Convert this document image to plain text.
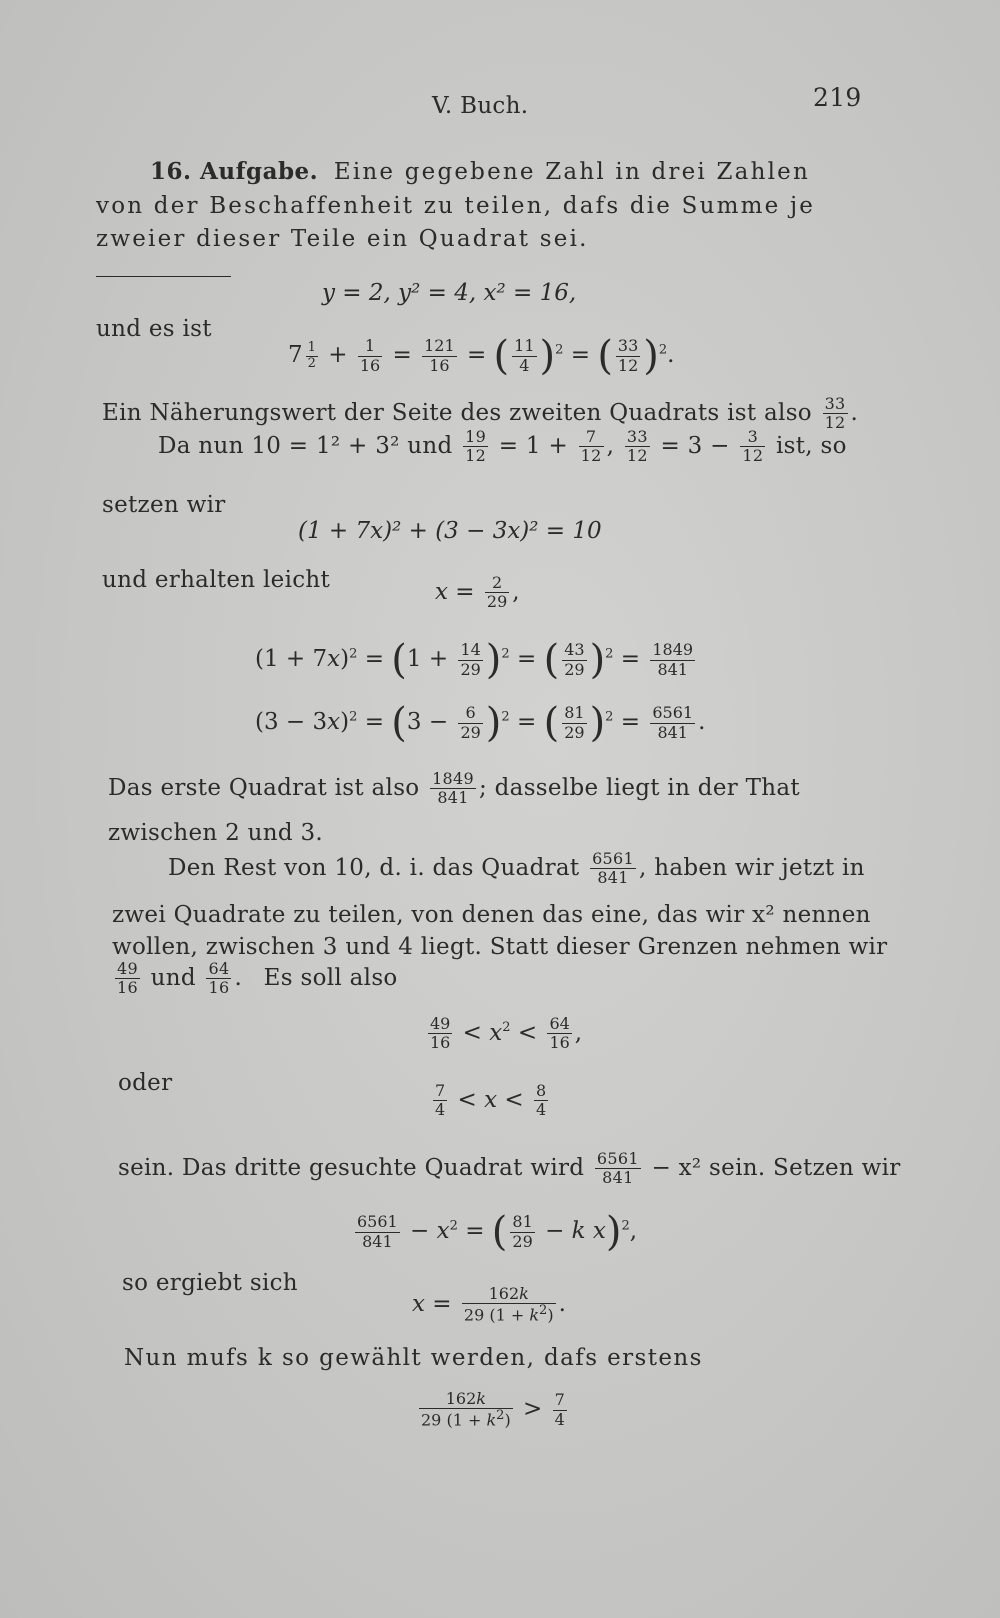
V. Buch.	219
16. Aufgabe. Eine gegebene Zahl in drei Zahlen
von der Beschaffenheit zu teilen, dafs die Summe je
zweier dieser Teile ein Quadrat sei.
y = 2, y² = 4, x² = 16,
und es ist
$7 \frac{1}{2} + \frac{1}{16} = \frac{121}{16}$ = ( $\frac{11}{4} )^2$ = ( $\frac{33}{12} )^2$.
Ein Näherungswert der Seite des zweiten Quadrats ist also $\frac{33}{12}$ .
Da nun 10 = 1² + 3² und $\frac{19}{12} = 1 + \frac{7}{12}$ , $\frac{33}{12} = 3 - \frac{3}{12}$ ist, so
setzen wir
(1 + 7x)² + (3 − 3x)² = 10
und erhalten leicht	$x = \frac{2}{29}$ ,
$(1 + 7x)^2 = (1 + \frac{14}{29} )^2$ = ( $\frac{43}{29} )^2 = \frac{1849}{841}$
$(3 - 3x)^2 = (3 - \frac{6}{29} )^2$ = ( $\frac{81}{29} )^2 = \frac{6561}{841}$ .
Das erste Quadrat ist also $\frac{1849}{841}$ ; dasselbe liegt in der That
zwischen 2 und 3.
Den Rest von 10, d. i. das Quadrat $\frac{6561}{841}$ , haben wir jetzt in
zwei Quadrate zu teilen, von denen das eine, das wir x² nennen
wollen, zwischen 3 und 4 liegt. Statt dieser Grenzen nehmen wir
$\frac{49}{16}$ und $\frac{64}{16}$ . Es soll also
$\frac{49}{16} < x^2 < \frac{64}{16}$ ,
oder	$\frac{7}{4} < x < \frac{8}{4}$
sein. Das dritte gesuchte Quadrat wird $\frac{6561}{841} - x^2$ sein. Setzen wir
$\frac{6561}{841} - x^2$ = ( $\frac{81}{29} - k$ x)$^2$,
so ergiebt sich
$x = \frac{162k}{29 (1 + k^2)}$ .
Nun mufs k so gewählt werden, dafs erstens
$\frac{162k}{29 (1 + k^2)} > \frac{7}{4}$
